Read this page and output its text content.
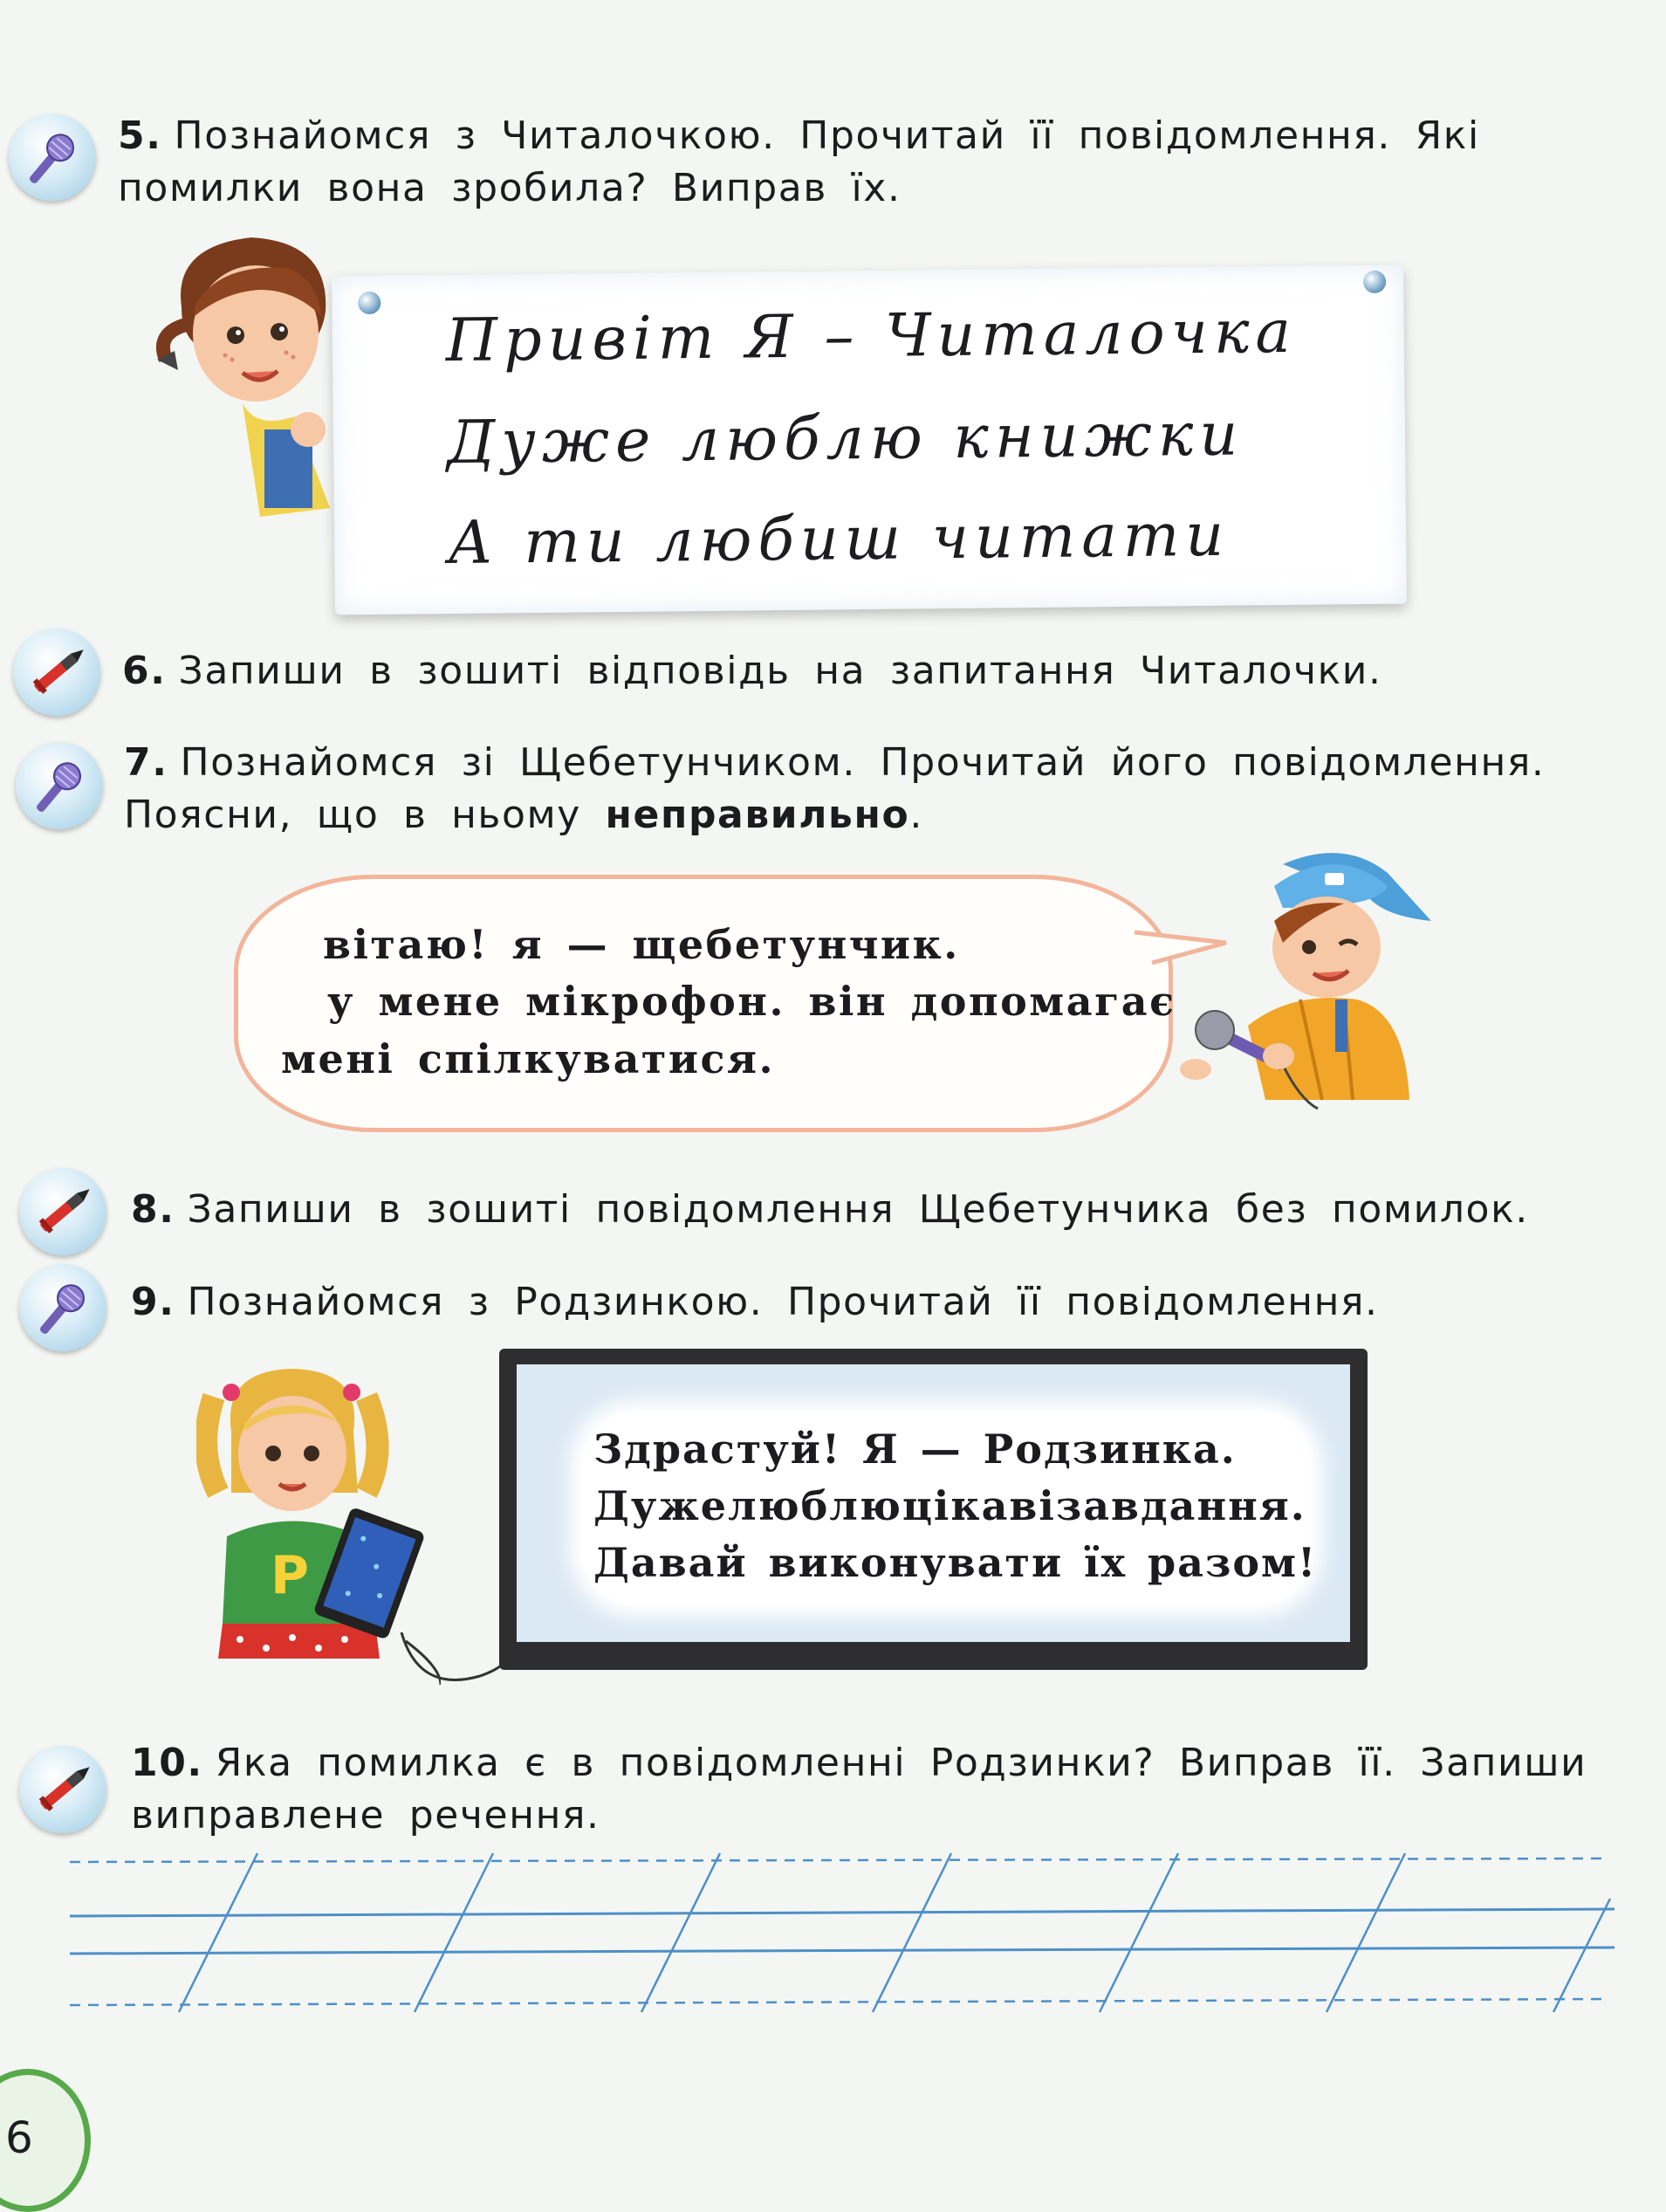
5. Познайомся з Читалочкою. Прочитай її повідомлення. Які
помилки вона зробила? Виправ їх.
Привіт Я – Читалочка
Дуже люблю книжки
А ти любиш читати
6. Запиши в зошиті відповідь на запитання Читалочки.
7. Познайомся зі Щебетунчиком. Прочитай його повідомлення.
Поясни, що в ньому неправильно.
вітаю! я — щебетунчик.
у мене мікрофон. він допомагає
мені спілкуватися.
8. Запиши в зошиті повідомлення Щебетунчика без помилок.
9. Познайомся з Родзинкою. Прочитай її повідомлення.
P
Здрастуй! Я — Родзинка.
Дужелюблюцікавізавдання.
Давай виконувати їх разом!
10. Яка помилка є в повідомленні Родзинки? Виправ її. Запиши
виправлене речення.
6
